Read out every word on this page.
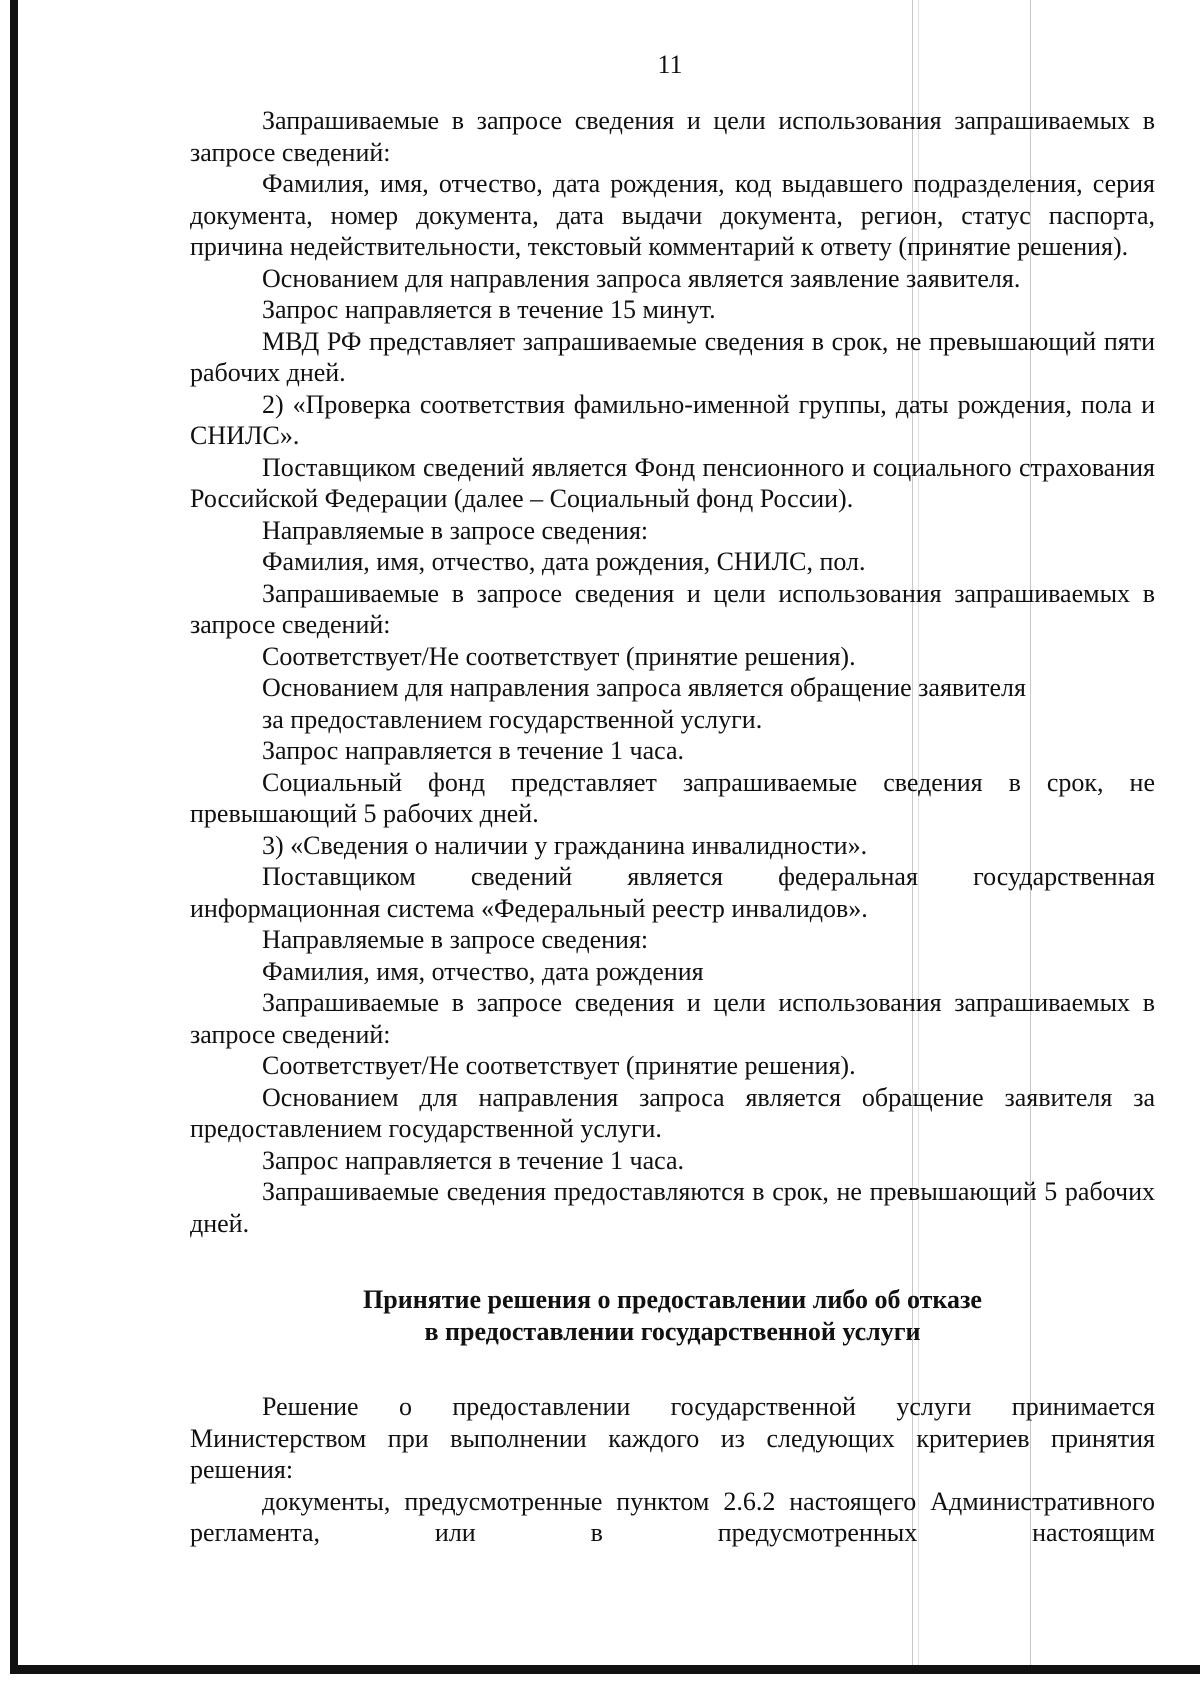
11

Запрашиваемые в запросе сведения и цели использования запрашиваемых в запросе сведений:

Фамилия, имя, отчество, дата рождения, код выдавшего подразделения, серия документа, номер документа, дата выдачи документа, регион, статус паспорта, причина недействительности, текстовый комментарий к ответу (принятие решения).

Основанием для направления запроса является заявление заявителя.

Запрос направляется в течение 15 минут.

МВД РФ представляет запрашиваемые сведения в срок, не превышающий пяти рабочих дней.

2) «Проверка соответствия фамильно-именной группы, даты рождения, пола и СНИЛС».

Поставщиком сведений является Фонд пенсионного и социального страхования Российской Федерации (далее – Социальный фонд России).

Направляемые в запросе сведения:

Фамилия, имя, отчество, дата рождения, СНИЛС, пол.

Запрашиваемые в запросе сведения и цели использования запрашиваемых в запросе сведений:

Соответствует/Не соответствует (принятие решения).

Основанием для направления запроса является обращение заявителя

за предоставлением государственной услуги.

Запрос направляется в течение 1 часа.

Социальный фонд представляет запрашиваемые сведения в срок, не превышающий 5 рабочих дней.

3) «Сведения о наличии у гражданина инвалидности».

Поставщиком сведений является федеральная государственная информационная система «Федеральный реестр инвалидов».

Направляемые в запросе сведения:

Фамилия, имя, отчество, дата рождения

Запрашиваемые в запросе сведения и цели использования запрашиваемых в запросе сведений:

Соответствует/Не соответствует (принятие решения).

Основанием для направления запроса является обращение заявителя за предоставлением государственной услуги.

Запрос направляется в течение 1 часа.

Запрашиваемые сведения предоставляются в срок, не превышающий 5 рабочих дней.

Принятие решения о предоставлении либо об отказе
в предоставлении государственной услуги

Решение о предоставлении государственной услуги принимается Министерством при выполнении каждого из следующих критериев принятия решения:

документы, предусмотренные пунктом 2.6.2 настоящего Административного регламента, или в предусмотренных настоящим
